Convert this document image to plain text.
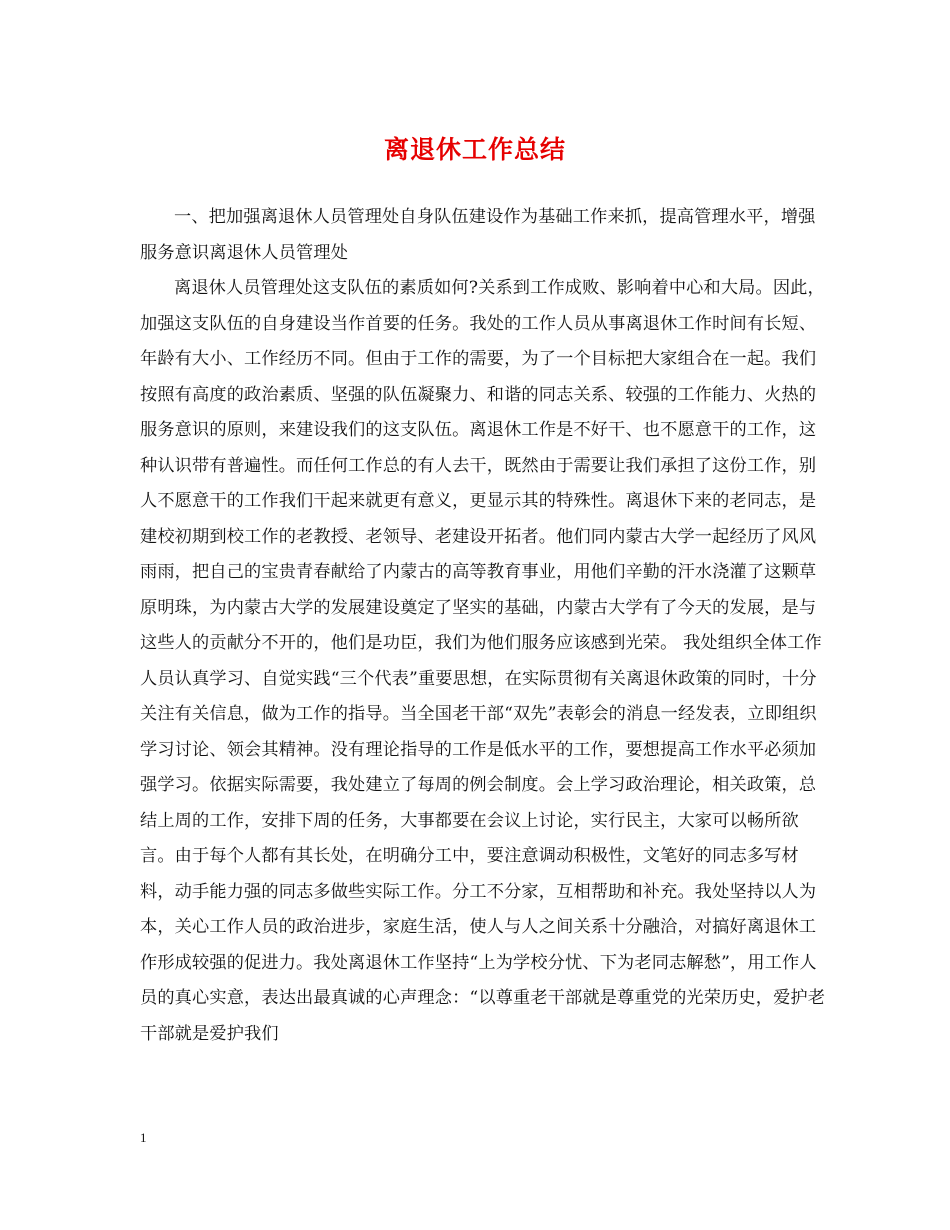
离退休工作总结

一、把加强离退休人员管理处自身队伍建设作为基础工作来抓，提高管理水平，增强服务意识离退休人员管理处

离退休人员管理处这支队伍的素质如何?关系到工作成败、影响着中心和大局。因此，加强这支队伍的自身建设当作首要的任务。我处的工作人员从事离退休工作时间有长短、年龄有大小、工作经历不同。但由于工作的需要，为了一个目标把大家组合在一起。我们按照有高度的政治素质、坚强的队伍凝聚力、和谐的同志关系、较强的工作能力、火热的服务意识的原则，来建设我们的这支队伍。离退休工作是不好干、也不愿意干的工作，这种认识带有普遍性。而任何工作总的有人去干，既然由于需要让我们承担了这份工作，别人不愿意干的工作我们干起来就更有意义，更显示其的特殊性。离退休下来的老同志，是建校初期到校工作的老教授、老领导、老建设开拓者。他们同内蒙古大学一起经历了风风雨雨，把自己的宝贵青春献给了内蒙古的高等教育事业，用他们辛勤的汗水浇灌了这颗草原明珠，为内蒙古大学的发展建设奠定了坚实的基础，内蒙古大学有了今天的发展，是与这些人的贡献分不开的，他们是功臣，我们为他们服务应该感到光荣。 我处组织全体工作人员认真学习、自觉实践“三个代表”重要思想，在实际贯彻有关离退休政策的同时，十分关注有关信息，做为工作的指导。当全国老干部“双先”表彰会的消息一经发表，立即组织学习讨论、领会其精神。没有理论指导的工作是低水平的工作，要想提高工作水平必须加强学习。依据实际需要，我处建立了每周的例会制度。会上学习政治理论，相关政策，总结上周的工作，安排下周的任务，大事都要在会议上讨论，实行民主，大家可以畅所欲言。由于每个人都有其长处，在明确分工中，要注意调动积极性，文笔好的同志多写材料，动手能力强的同志多做些实际工作。分工不分家，互相帮助和补充。我处坚持以人为本，关心工作人员的政治进步，家庭生活，使人与人之间关系十分融洽，对搞好离退休工作形成较强的促进力。我处离退休工作坚持“上为学校分忧、下为老同志解愁”，用工作人员的真心实意，表达出最真诚的心声理念：“以尊重老干部就是尊重党的光荣历史，爱护老干部就是爱护我们

1
